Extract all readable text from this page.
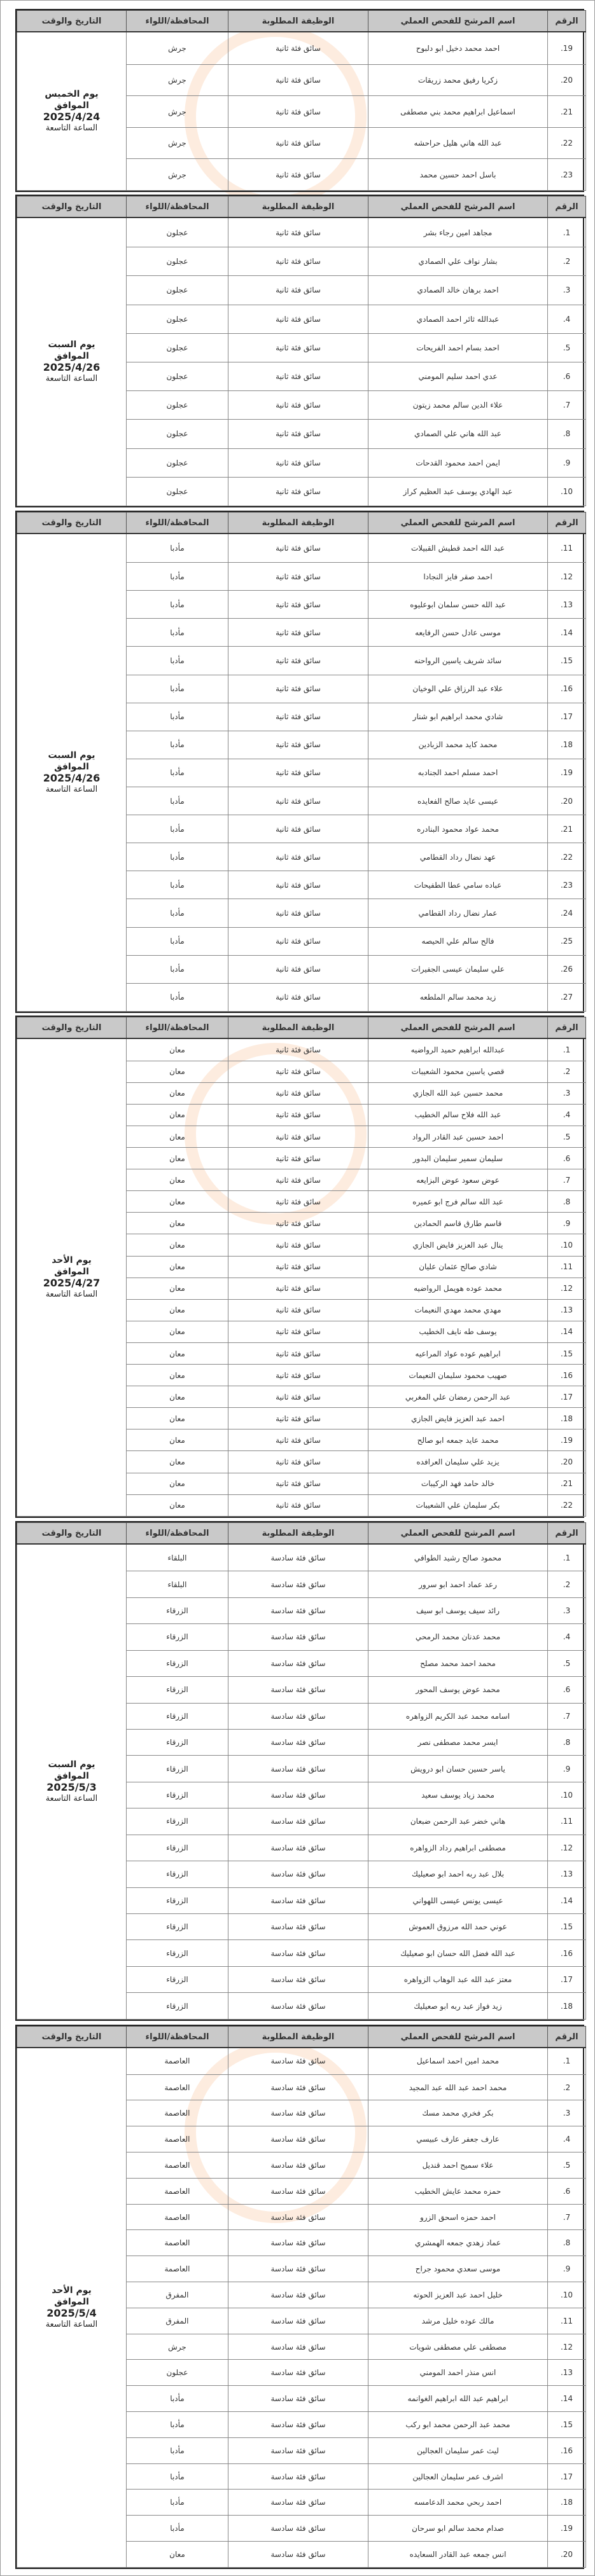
الرقم	اسم المرشح للفحص العملي	الوظيفة المطلوبة	المحافظة/اللواء	التاريخ والوقت
19.	احمد محمد دخيل ابو دلبوح	سائق فئة ثانية	جرش	يوم الخميس
الموافق
2025/4/24
الساعة التاسعة

20.	زكريا رفيق محمد زريقات	سائق فئة ثانية	جرش	
21.	اسماعيل ابراهيم محمد بني مصطفى	سائق فئة ثانية	جرش	
22.	عبد الله هاني هليل حراحشه	سائق فئة ثانية	جرش	
23.	باسل احمد حسين محمد	سائق فئة ثانية	جرش	
الرقم	اسم المرشح للفحص العملي	الوظيفة المطلوبة	المحافظة/اللواء	التاريخ والوقت
1.	مجاهد امين رجاء بشر	سائق فئة ثانية	عجلون	يوم السبت
الموافق
2025/4/26
الساعة التاسعة

2.	بشار نواف علي الصمادي	سائق فئة ثانية	عجلون	
3.	احمد برهان خالد الصمادي	سائق فئة ثانية	عجلون	
4.	عبدالله ثائر احمد الصمادي	سائق فئة ثانية	عجلون	
5.	احمد بسام احمد الفريحات	سائق فئة ثانية	عجلون	
6.	عدي احمد سليم المومني	سائق فئة ثانية	عجلون	
7.	علاء الدين سالم محمد زيتون	سائق فئة ثانية	عجلون	
8.	عبد الله هاني علي الصمادي	سائق فئة ثانية	عجلون	
9.	ايمن احمد محمود القدحات	سائق فئة ثانية	عجلون	
10.	عبد الهادي يوسف عبد العظيم كراز	سائق فئة ثانية	عجلون	
الرقم	اسم المرشح للفحص العملي	الوظيفة المطلوبة	المحافظة/اللواء	التاريخ والوقت
11.	عبد الله احمد قطيش القبيلات	سائق فئة ثانية	مأدبا	يوم السبت
الموافق
2025/4/26
الساعة التاسعة

12.	احمد صقر فايز النجادا	سائق فئة ثانية	مأدبا	
13.	عبد الله حسن سلمان ابوعليوه	سائق فئة ثانية	مأدبا	
14.	موسى عادل حسن الرفايعه	سائق فئة ثانية	مأدبا	
15.	سائد شريف ياسين الرواحنه	سائق فئة ثانية	مأدبا	
16.	علاء عبد الرزاق علي الوخيان	سائق فئة ثانية	مأدبا	
17.	شادي محمد ابراهيم ابو شنار	سائق فئة ثانية	مأدبا	
18.	محمد كايد محمد الزبادين	سائق فئة ثانية	مأدبا	
19.	احمد مسلم احمد الجنادبه	سائق فئة ثانية	مأدبا	
20.	عيسى عايد صالح الفعايده	سائق فئة ثانية	مأدبا	
21.	محمد عواد محمود البنادره	سائق فئة ثانية	مأدبا	
22.	عهد نضال رداد القطامي	سائق فئة ثانية	مأدبا	
23.	عباده سامي عطا الطفيحات	سائق فئة ثانية	مأدبا	
24.	عمار نضال رداد القطامي	سائق فئة ثانية	مأدبا	
25.	فالح سالم علي الحيصه	سائق فئة ثانية	مأدبا	
26.	علي سليمان عيسى الجفيرات	سائق فئة ثانية	مأدبا	
27.	زيد محمد سالم الملطعه	سائق فئة ثانية	مأدبا	
الرقم	اسم المرشح للفحص العملي	الوظيفة المطلوبة	المحافظة/اللواء	التاريخ والوقت
1.	عبدالله ابراهيم حميد الرواضيه	سائق فئة ثانية	معان	يوم الأحد
الموافق
2025/4/27
الساعة التاسعة

2.	قصي ياسين محمود الشعيبات	سائق فئة ثانية	معان	
3.	محمد حسين عبد الله الجازي	سائق فئة ثانية	معان	
4.	عبد الله فلاح سالم الخطيب	سائق فئة ثانية	معان	
5.	احمد حسين عبد القادر الرواد	سائق فئة ثانية	معان	
6.	سليمان سمير سليمان البدور	سائق فئة ثانية	معان	
7.	عوض سعود عوض البزايعه	سائق فئة ثانية	معان	
8.	عبد الله سالم فرج ابو عميره	سائق فئة ثانية	معان	
9.	قاسم طارق قاسم الحمادين	سائق فئة ثانية	معان	
10.	ينال عبد العزيز فايض الجازي	سائق فئة ثانية	معان	
11.	شادي صالح عثمان عليان	سائق فئة ثانية	معان	
12.	محمد عوده هويمل الرواضيه	سائق فئة ثانية	معان	
13.	مهدي محمد مهدي النعيمات	سائق فئة ثانية	معان	
14.	يوسف طه نايف الخطيب	سائق فئة ثانية	معان	
15.	ابراهيم عوده عواد المراعيه	سائق فئة ثانية	معان	
16.	صهيب محمود سليمان النعيمات	سائق فئة ثانية	معان	
17.	عبد الرحمن رمضان علي المغربي	سائق فئة ثانية	معان	
18.	احمد عبد العزيز فايض الجازي	سائق فئة ثانية	معان	
19.	محمد عايد جمعه ابو صالح	سائق فئة ثانية	معان	
20.	يزيد علي سليمان العرافده	سائق فئة ثانية	معان	
21.	خالد حامد فهد الركيبات	سائق فئة ثانية	معان	
22.	بكر سليمان علي الشعيبات	سائق فئة ثانية	معان	
الرقم	اسم المرشح للفحص العملي	الوظيفة المطلوبة	المحافظة/اللواء	التاريخ والوقت
1.	محمود صالح رشيد الطوافي	سائق فئة سادسة	البلقاء	يوم السبت
الموافق
2025/5/3
الساعة التاسعة

2.	رعد عماد احمد ابو سرور	سائق فئة سادسة	البلقاء	
3.	رائد سيف يوسف ابو سيف	سائق فئة سادسة	الزرقاء	
4.	محمد عدنان محمد الرمحي	سائق فئة سادسة	الزرقاء	
5.	محمد احمد محمد مصلح	سائق فئة سادسة	الزرقاء	
6.	محمد عوض يوسف المحور	سائق فئة سادسة	الزرقاء	
7.	اسامه محمد عبد الكريم الزواهره	سائق فئة سادسة	الزرقاء	
8.	ايسر محمد مصطفى نصر	سائق فئة سادسة	الزرقاء	
9.	ياسر حسين حسان ابو درويش	سائق فئة سادسة	الزرقاء	
10.	محمد زياد يوسف سعيد	سائق فئة سادسة	الزرقاء	
11.	هاني خضر عبد الرحمن ضبعان	سائق فئة سادسة	الزرقاء	
12.	مصطفى ابراهيم رداد الزواهره	سائق فئة سادسة	الزرقاء	
13.	بلال عبد ربه احمد ابو صعيليك	سائق فئة سادسة	الزرقاء	
14.	عيسى يونس عيسى اللهواني	سائق فئة سادسة	الزرقاء	
15.	عوني حمد الله مرزوق العموش	سائق فئة سادسة	الزرقاء	
16.	عبد الله فضل الله حسان ابو صعيليك	سائق فئة سادسة	الزرقاء	
17.	معتز عبد الله عبد الوهاب الزواهره	سائق فئة سادسة	الزرقاء	
18.	زيد فواز عبد ربه ابو صعيليك	سائق فئة سادسة	الزرقاء	
الرقم	اسم المرشح للفحص العملي	الوظيفة المطلوبة	المحافظة/اللواء	التاريخ والوقت
1.	محمد امين احمد اسماعيل	سائق فئة سادسة	العاصمة	يوم الأحد
الموافق
2025/5/4
الساعة التاسعة

2.	محمد احمد عبد الله عبد المجيد	سائق فئة سادسة	العاصمة	
3.	بكر فخري محمد مسك	سائق فئة سادسة	العاصمة	
4.	عارف جعفر عارف عبيسي	سائق فئة سادسة	العاصمة	
5.	علاء سميح احمد قنديل	سائق فئة سادسة	العاصمة	
6.	حمزه محمد عايش الخطيب	سائق فئة سادسة	العاصمة	
7.	احمد حمزه اسحق الزرو	سائق فئة سادسة	العاصمة	
8.	عماد زهدي جمعه الهمشري	سائق فئة سادسة	العاصمة	
9.	موسى سعدي محمود جراح	سائق فئة سادسة	العاصمة	
10.	خليل احمد عبد العزيز الحوته	سائق فئة سادسة	المفرق	
11.	مالك عوده خليل مرشد	سائق فئة سادسة	المفرق	
12.	مصطفى علي مصطفى شويات	سائق فئة سادسة	جرش	
13.	انس منذر احمد المومني	سائق فئة سادسة	عجلون	
14.	ابراهيم عبد الله ابراهيم الغوانمه	سائق فئة سادسة	مأدبا	
15.	محمد عبد الرحمن محمد ابو ركب	سائق فئة سادسة	مأدبا	
16.	ليث عمر سليمان العجالين	سائق فئة سادسة	مأدبا	
17.	اشرف عمر سليمان العجالين	سائق فئة سادسة	مأدبا	
18.	احمد ربحي محمد الدعامسه	سائق فئة سادسة	مأدبا	
19.	صدام محمد سالم ابو سرحان	سائق فئة سادسة	مأدبا	
20.	انس جمعه عبد القادر السعايده	سائق فئة سادسة	معان	
